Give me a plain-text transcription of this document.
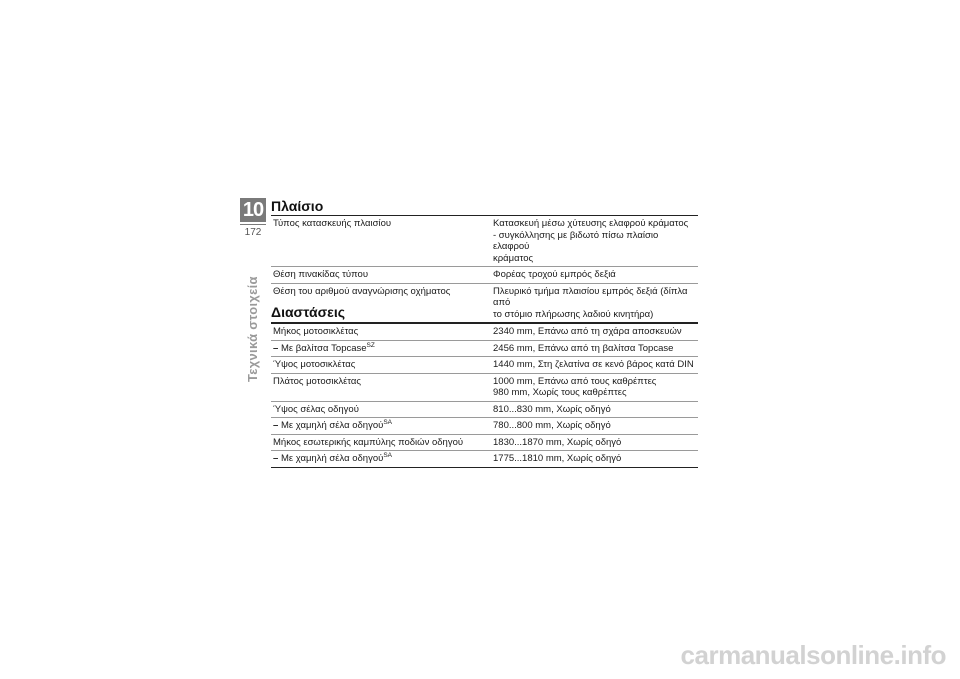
10
172
Τεχνικά στοιχεία
Πλαίσιο
Τύπος κατασκευής πλαισίου	Κατασκευή μέσω χύτευσης ελαφρού κράματος
- συγκόλλησης με βιδωτό πίσω πλαίσιο ελαφρού
κράματος
Θέση πινακίδας τύπου	Φορέας τροχού εμπρός δεξιά
Θέση του αριθμού αναγνώρισης οχήματος	Πλευρικό τμήμα πλαισίου εμπρός δεξιά (δίπλα από
το στόμιο πλήρωσης λαδιού κινητήρα)
Διαστάσεις
Μήκος μοτοσικλέτας	2340 mm, Επάνω από τη σχάρα αποσκευών
– Με βαλίτσα Topcase$^{SZ}$	2456 mm, Επάνω από τη βαλίτσα Topcase
Ύψος μοτοσικλέτας	1440 mm, Στη ζελατίνα σε κενό βάρος κατά DIN
Πλάτος μοτοσικλέτας	1000 mm, Επάνω από τους καθρέπτες
980 mm, Χωρίς τους καθρέπτες
Ύψος σέλας οδηγού	810...830 mm, Χωρίς οδηγό
– Με χαμηλή σέλα οδηγού$^{SA}$	780...800 mm, Χωρίς οδηγό
Μήκος εσωτερικής καμπύλης ποδιών οδηγού	1830...1870 mm, Χωρίς οδηγό
– Με χαμηλή σέλα οδηγού$^{SA}$	1775...1810 mm, Χωρίς οδηγό
carmanualsonline.info
